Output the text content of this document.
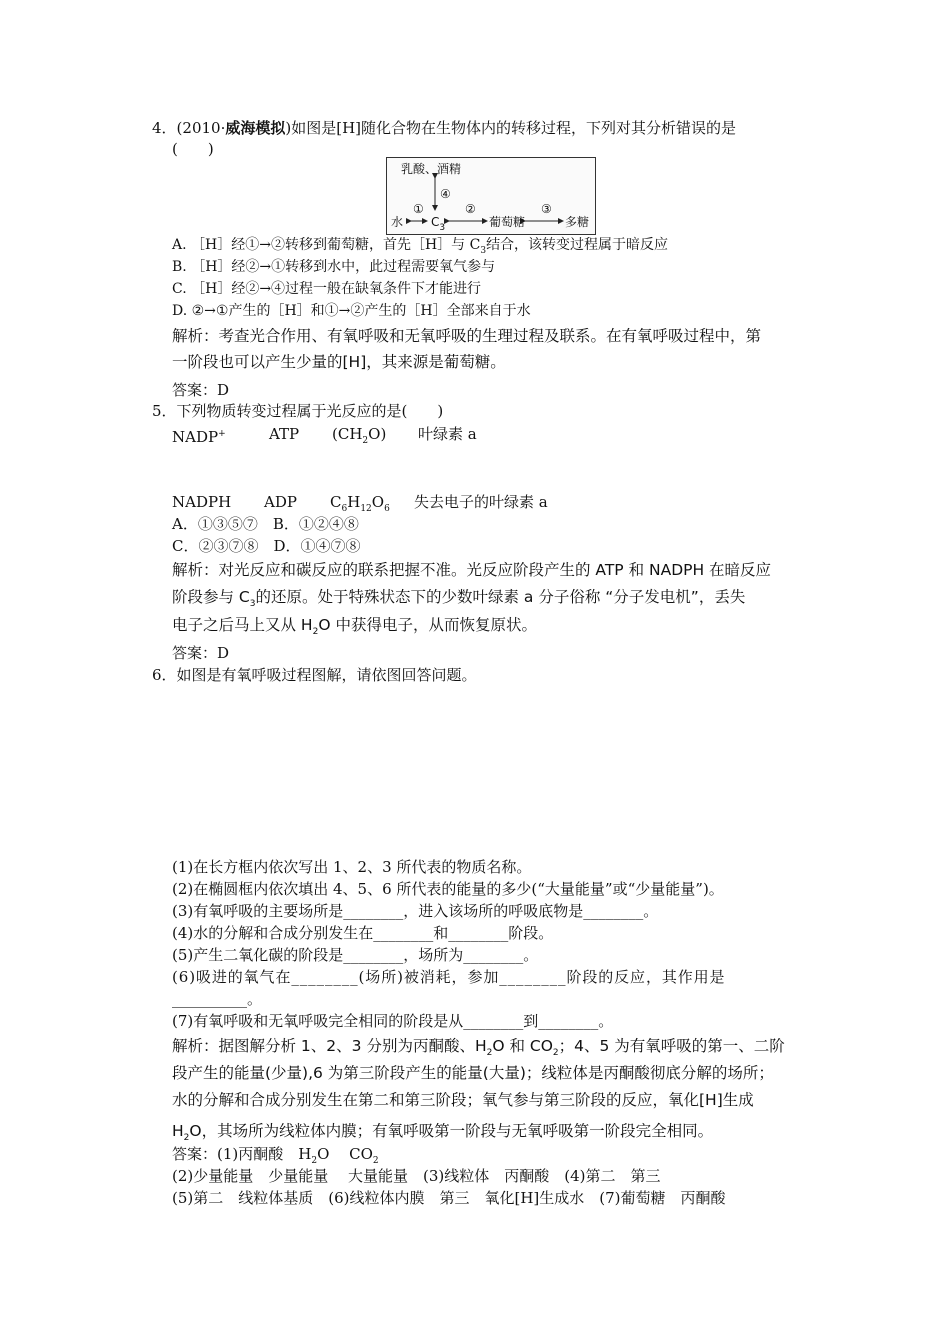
4．(2010·威海模拟)如图是[H]随化合物在生物体内的转移过程，下列对其分析错误的是
(　　)
乳酸、酒精
④
水
①
$C_3$
②
葡萄糖
③
多糖
A. ［H］经①→②转移到葡萄糖，首先［H］与 $C_3$结合，该转变过程属于暗反应
B. ［H］经②→①转移到水中，此过程需要氧气参与
C. ［H］经②→④过程一般在缺氧条件下才能进行
D. ②→①产生的［H］和①→②产生的［H］全部来自于水
解析：考查光合作用、有氧呼吸和无氧呼吸的生理过程及联系。在有氧呼吸过程中，第
一阶段也可以产生少量的[H]，其来源是葡萄糖。
答案：D
5．下列物质转变过程属于光反应的是(　　)
NADP+	ATP $(CH_2O)$ 叶绿素 a
NADPH ADP $C_6H_{12}O_6$ 失去电子的叶绿素 a
A．①③⑤⑦　B．①②④⑧
C．②③⑦⑧　D．①④⑦⑧
解析：对光反应和碳反应的联系把握不准。光反应阶段产生的 ATP 和 NADPH 在暗反应
阶段参与 $C_3$的还原。处于特殊状态下的少数叶绿素 a 分子俗称 “分子发电机”，丢失
电子之后马上又从 $H_2O$ 中获得电子，从而恢复原状。
答案：D
6．如图是有氧呼吸过程图解，请依图回答问题。
(1)在长方框内依次写出 1、2、3 所代表的物质名称。
(2)在椭圆框内依次填出 4、5、6 所代表的能量的多少(“大量能量”或“少量能量”)。
(3)有氧呼吸的主要场所是________，进入该场所的呼吸底物是________。
(4)水的分解和合成分别发生在________和________阶段。
(5)产生二氧化碳的阶段是________，场所为________。
(6)吸进的氧气在________(场所)被消耗，参加________阶段的反应，其作用是
__________。
(7)有氧呼吸和无氧呼吸完全相同的阶段是从________到________。
解析：据图解分析 1、2、3 分别为丙酮酸、$H_2O$ 和 $CO_2$；4、5 为有氧呼吸的第一、二阶
段产生的能量(少量),6 为第三阶段产生的能量(大量)；线粒体是丙酮酸彻底分解的场所；
水的分解和合成分别发生在第二和第三阶段；氧气参与第三阶段的反应，氧化[H]生成
$H_2O$，其场所为线粒体内膜；有氧呼吸第一阶段与无氧呼吸第一阶段完全相同。
答案：(1)丙酮酸　$H_2O$　 $CO_2$
(2)少量能量　少量能量　 大量能量　(3)线粒体　丙酮酸　(4)第二　第三
(5)第二　线粒体基质　(6)线粒体内膜　第三　氧化[H]生成水　(7)葡萄糖　丙酮酸
